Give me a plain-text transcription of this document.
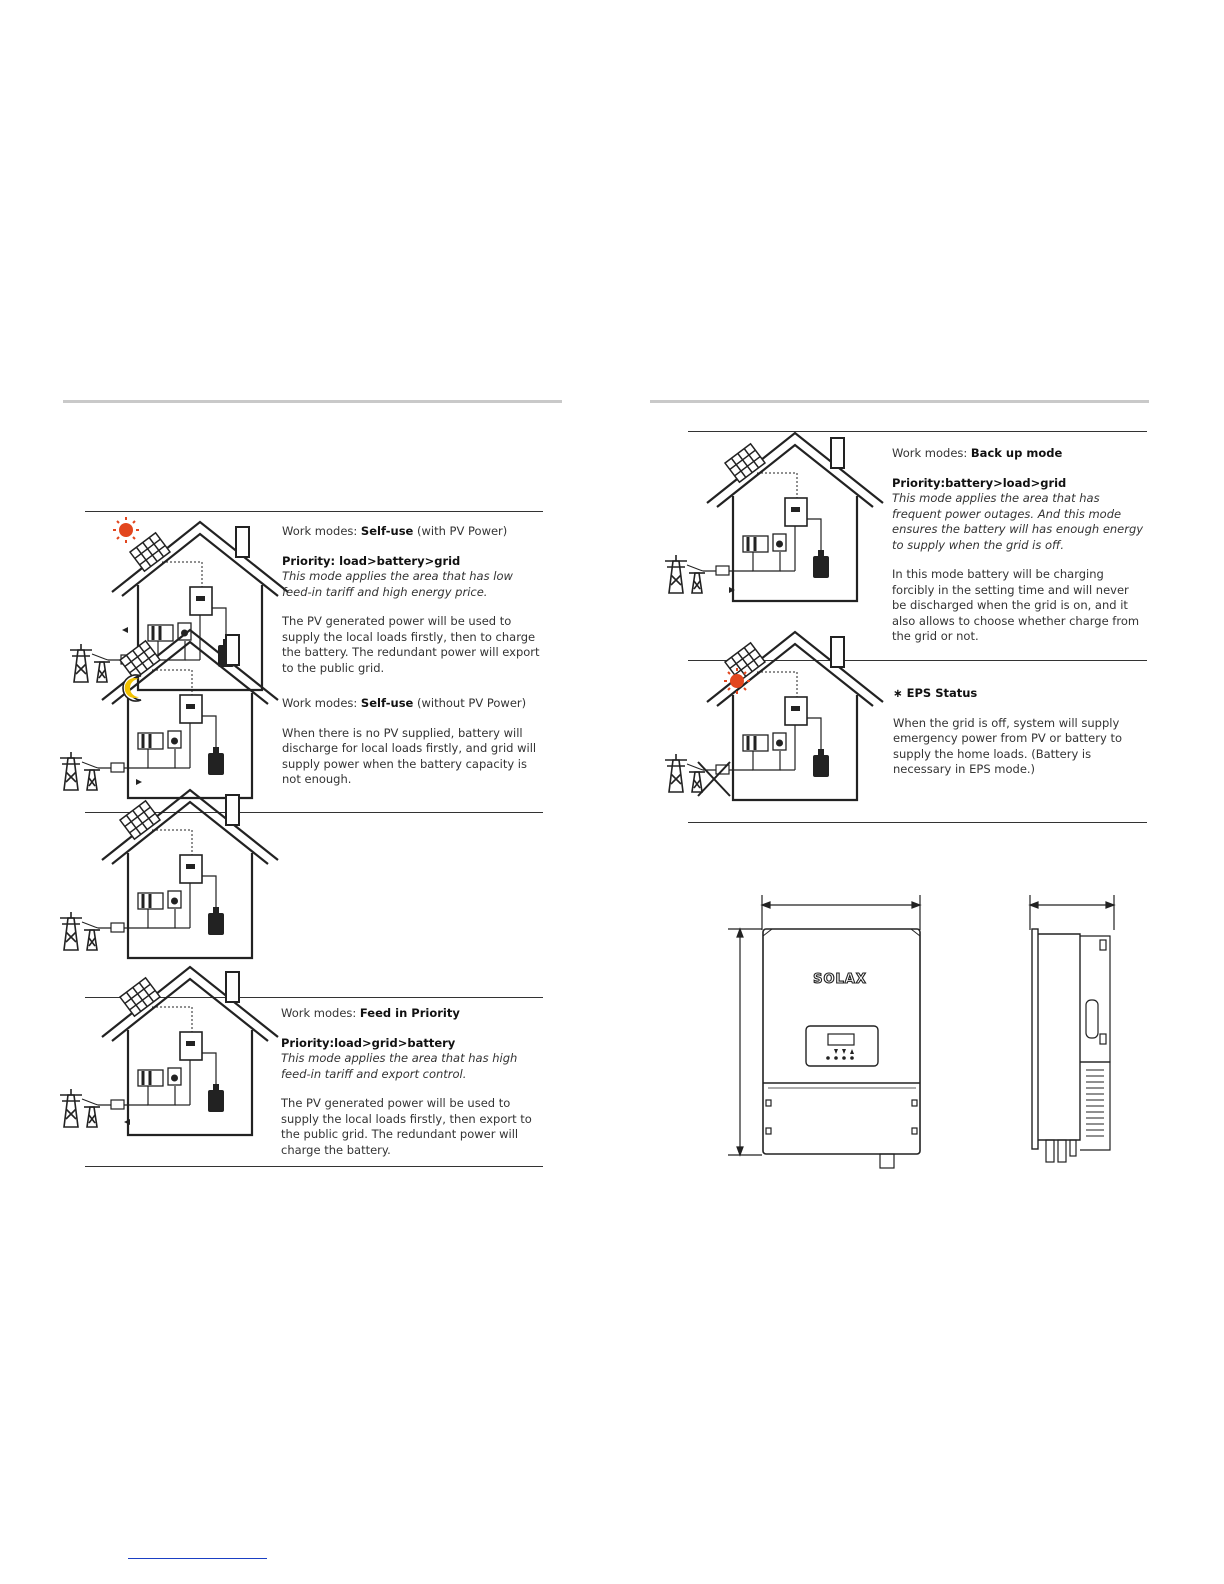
Work modes: Self-use (with PV Power)
Priority: load>battery>grid
This mode applies the area that has low feed-in tariff and high energy price.
The PV generated power will be used to supply the local loads firstly, then to charge the battery. The redundant power will export to the public grid.
Work modes: Self-use (without PV Power)
When there is no PV supplied, battery will discharge for local loads firstly, and grid will supply power when the battery capacity is not enough.
Work modes: Feed in Priority
Priority:load>grid>battery
This mode applies the area that has high feed-in tariff and export control.
The PV generated power will be used to supply the local loads firstly, then export to the public grid. The redundant power will charge the battery.
Work modes: Back up mode
Priority:battery>load>grid
This mode applies the area that has frequent power outages. And this mode ensures the battery will has enough energy to supply when the grid is off.
In this mode battery will be charging forcibly in the setting time and will never be discharged when the grid is on, and it also allows to choose whether charge from the grid or not.
∗ EPS Status
When the grid is off, system will supply emergency power from PV or battery to supply the home loads. (Battery is necessary in EPS mode.)
SOLAX
